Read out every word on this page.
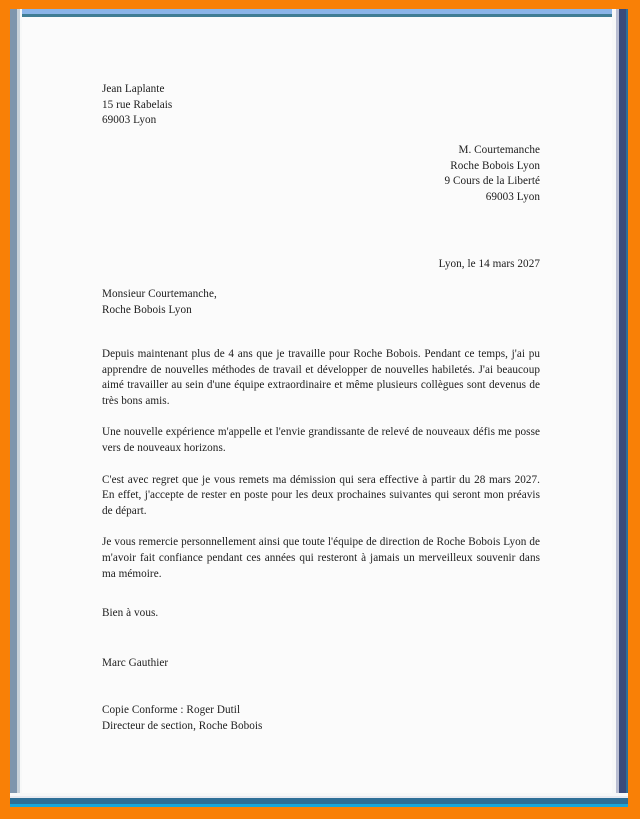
Jean Laplante
15 rue Rabelais
69003 Lyon
M. Courtemanche
Roche Bobois Lyon
9 Cours de la Liberté
69003 Lyon
Lyon, le 14 mars 2027
Monsieur Courtemanche,
Roche Bobois Lyon

Depuis maintenant plus de 4 ans que je travaille pour Roche Bobois. Pendant ce temps, j'ai pu apprendre de nouvelles méthodes de travail et développer de nouvelles habiletés. J'ai beaucoup aimé travailler au sein d'une équipe extraordinaire et même plusieurs collègues sont devenus de très bons amis.

Une nouvelle expérience m'appelle et l'envie grandissante de relevé de nouveaux défis me posse vers de nouveaux horizons.

C'est avec regret que je vous remets ma démission qui sera effective à partir du 28 mars 2027. En effet, j'accepte de rester en poste pour les deux prochaines suivantes qui seront mon préavis de départ.

Je vous remercie personnellement ainsi que toute l'équipe de direction de Roche Bobois Lyon de m'avoir fait confiance pendant ces années qui resteront à jamais un merveilleux souvenir dans ma mémoire.

Bien à vous.
Marc Gauthier
Copie Conforme : Roger Dutil
Directeur de section, Roche Bobois
